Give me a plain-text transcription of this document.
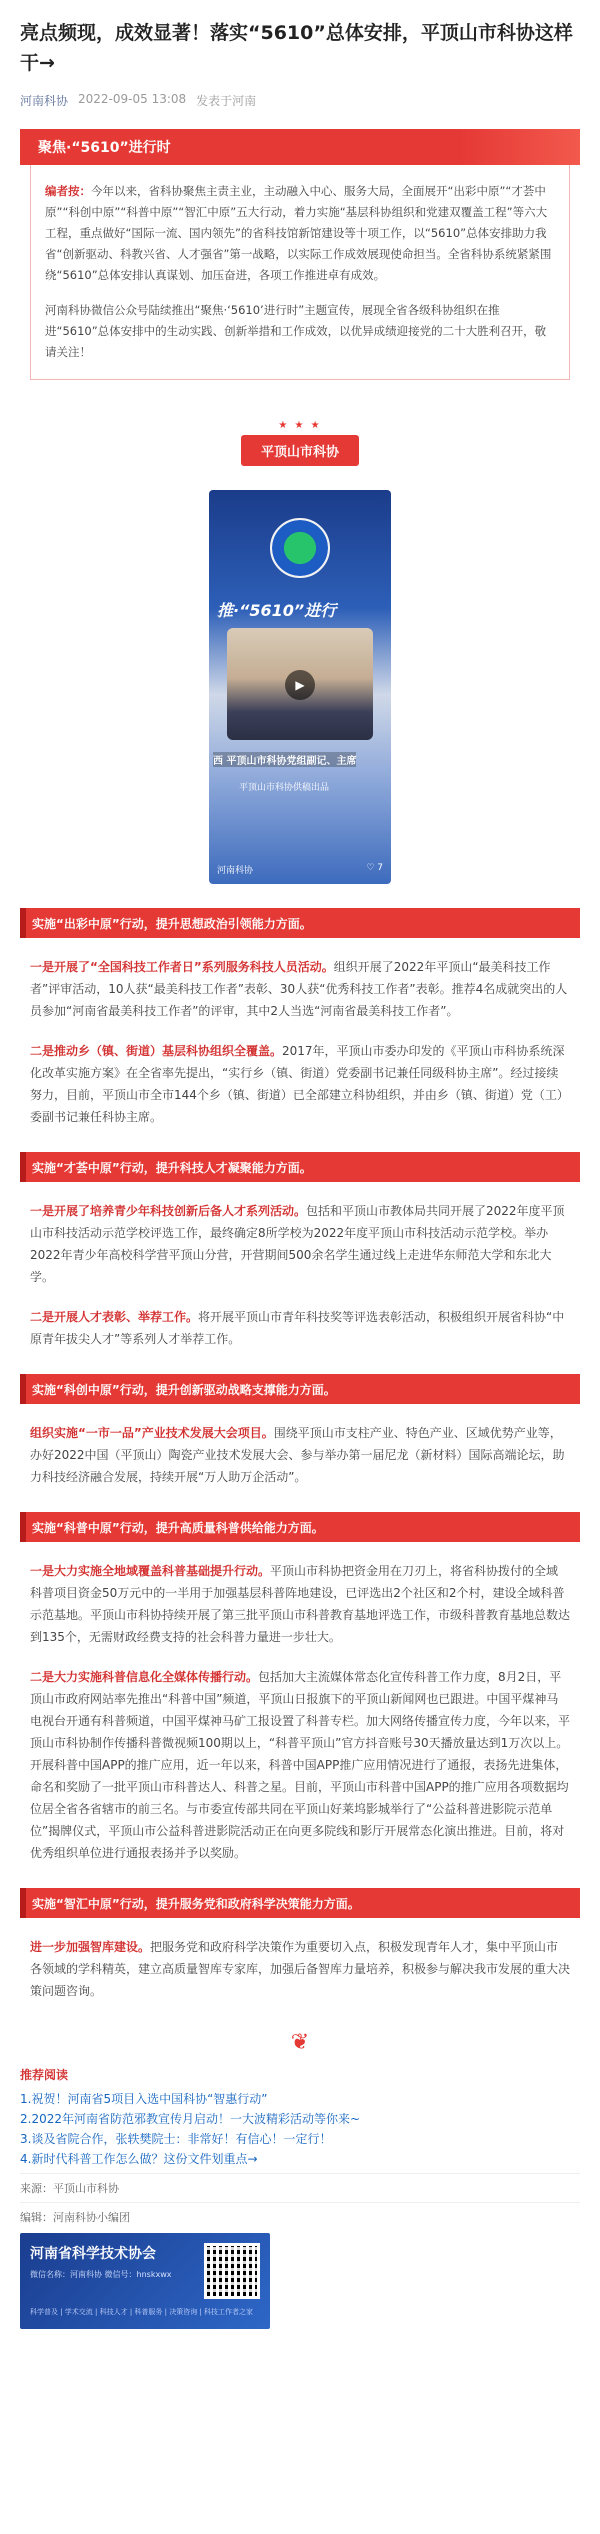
亮点频现，成效显著！落实“5610”总体安排，平顶山市科协这样干→
河南科协 2022-09-05 13:08 发表于河南
聚焦·“5610”进行时

编者按：今年以来，省科协聚焦主责主业，主动融入中心、服务大局，全面展开“出彩中原”“才荟中原”“科创中原”“科普中原”“智汇中原”五大行动，着力实施“基层科协组织和党建双覆盖工程”等六大工程，重点做好“国际一流、国内领先”的省科技馆新馆建设等十项工作，以“5610”总体安排助力我省“创新驱动、科教兴省、人才强省”第一战略，以实际工作成效展现使命担当。全省科协系统紧紧围绕“5610”总体安排认真谋划、加压奋进，各项工作推进卓有成效。

河南科协微信公众号陆续推出“聚焦·‘5610’进行时”主题宣传，展现全省各级科协组织在推进“5610”总体安排中的生动实践、创新举措和工作成效，以优异成绩迎接党的二十大胜利召开，敬请关注！

★ ★ ★
平顶山市科协
推·“5610”进行
▶
西 平顶山市科协党组副记、主席
平顶山市科协供稿出品
河南科协	♡ 7
实施“出彩中原”行动，提升思想政治引领能力方面。
一是开展了“全国科技工作者日”系列服务科技人员活动。组织开展了2022年平顶山“最美科技工作者”评审活动，10人获“最美科技工作者”表彰、30人获“优秀科技工作者”表彰。推荐4名成就突出的人员参加“河南省最美科技工作者”的评审，其中2人当选“河南省最美科技工作者”。
二是推动乡（镇、街道）基层科协组织全覆盖。2017年，平顶山市委办印发的《平顶山市科协系统深化改革实施方案》在全省率先提出，“实行乡（镇、街道）党委副书记兼任同级科协主席”。经过接续努力，目前，平顶山市全市144个乡（镇、街道）已全部建立科协组织，并由乡（镇、街道）党（工）委副书记兼任科协主席。
实施“才荟中原”行动，提升科技人才凝聚能力方面。
一是开展了培养青少年科技创新后备人才系列活动。包括和平顶山市教体局共同开展了2022年度平顶山市科技活动示范学校评选工作，最终确定8所学校为2022年度平顶山市科技活动示范学校。举办2022年青少年高校科学营平顶山分营，开营期间500余名学生通过线上走进华东师范大学和东北大学。
二是开展人才表彰、举荐工作。将开展平顶山市青年科技奖等评选表彰活动，积极组织开展省科协“中原青年拔尖人才”等系列人才举荐工作。
实施“科创中原”行动，提升创新驱动战略支撑能力方面。
组织实施“一市一品”产业技术发展大会项目。围绕平顶山市支柱产业、特色产业、区域优势产业等，办好2022中国（平顶山）陶瓷产业技术发展大会、参与举办第一届尼龙（新材料）国际高端论坛，助力科技经济融合发展，持续开展“万人助万企活动”。
实施“科普中原”行动，提升高质量科普供给能力方面。
一是大力实施全地域覆盖科普基础提升行动。平顶山市科协把资金用在刀刃上，将省科协拨付的全域科普项目资金50万元中的一半用于加强基层科普阵地建设，已评选出2个社区和2个村，建设全域科普示范基地。平顶山市科协持续开展了第三批平顶山市科普教育基地评选工作，市级科普教育基地总数达到135个，无需财政经费支持的社会科普力量进一步壮大。
二是大力实施科普信息化全媒体传播行动。包括加大主流媒体常态化宣传科普工作力度，8月2日，平顶山市政府网站率先推出“科普中国”频道，平顶山日报旗下的平顶山新闻网也已跟进。中国平煤神马电视台开通有科普频道，中国平煤神马矿工报设置了科普专栏。加大网络传播宣传力度，今年以来，平顶山市科协制作传播科普微视频100期以上，“科普平顶山”官方抖音账号30天播放量达到1万次以上。开展科普中国APP的推广应用，近一年以来，科普中国APP推广应用情况进行了通报，表扬先进集体，命名和奖励了一批平顶山市科普达人、科普之星。目前，平顶山市科普中国APP的推广应用各项数据均位居全省各省辖市的前三名。与市委宣传部共同在平顶山好莱坞影城举行了“公益科普进影院示范单位”揭牌仪式，平顶山市公益科普进影院活动正在向更多院线和影厅开展常态化演出推进。目前，将对优秀组织单位进行通报表扬并予以奖励。
实施“智汇中原”行动，提升服务党和政府科学决策能力方面。
进一步加强智库建设。把服务党和政府科学决策作为重要切入点，积极发现青年人才，集中平顶山市各领域的学科精英，建立高质量智库专家库，加强后备智库力量培养，积极参与解决我市发展的重大决策问题咨询。
❦
推荐阅读
1.祝贺！河南省5项目入选中国科协“智惠行动”
2.2022年河南省防范邪教宣传月启动！一大波精彩活动等你来~
3.谈及省院合作，张轶樊院士：非常好！有信心！一定行！
4.新时代科普工作怎么做？这份文件划重点→
来源：平顶山市科协
编辑：河南科协小编团
河南省科学技术协会
微信名称：河南科协 微信号：hnskxwx
科学普及 | 学术交流 | 科技人才 | 科普服务 | 决策咨询 | 科技工作者之家
